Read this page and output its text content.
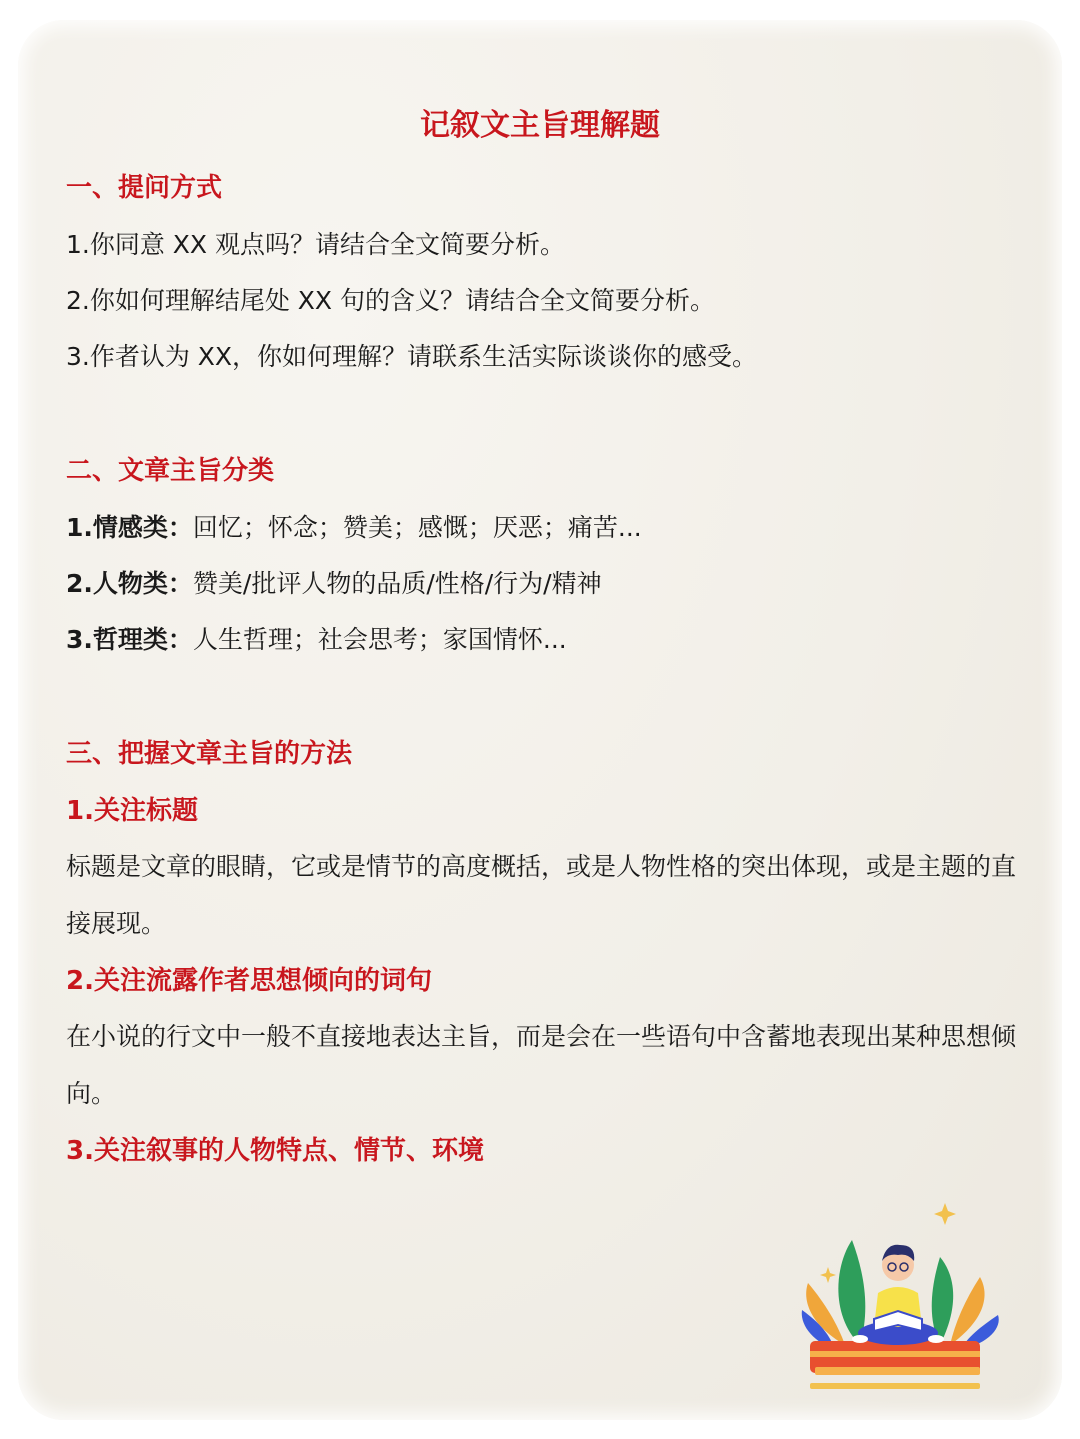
记叙文主旨理解题
一、提问方式
1.你同意 XX 观点吗？请结合全文简要分析。
2.你如何理解结尾处 XX 句的含义？请结合全文简要分析。
3.作者认为 XX，你如何理解？请联系生活实际谈谈你的感受。
二、文章主旨分类
1.情感类：回忆；怀念；赞美；感慨；厌恶；痛苦...
2.人物类：赞美/批评人物的品质/性格/行为/精神
3.哲理类：人生哲理；社会思考；家国情怀...
三、把握文章主旨的方法
1.关注标题
标题是文章的眼睛，它或是情节的高度概括，或是人物性格的突出体现，或是主题的直接展现。
2.关注流露作者思想倾向的词句
在小说的行文中一般不直接地表达主旨，而是会在一些语句中含蓄地表现出某种思想倾向。
3.关注叙事的人物特点、情节、环境
